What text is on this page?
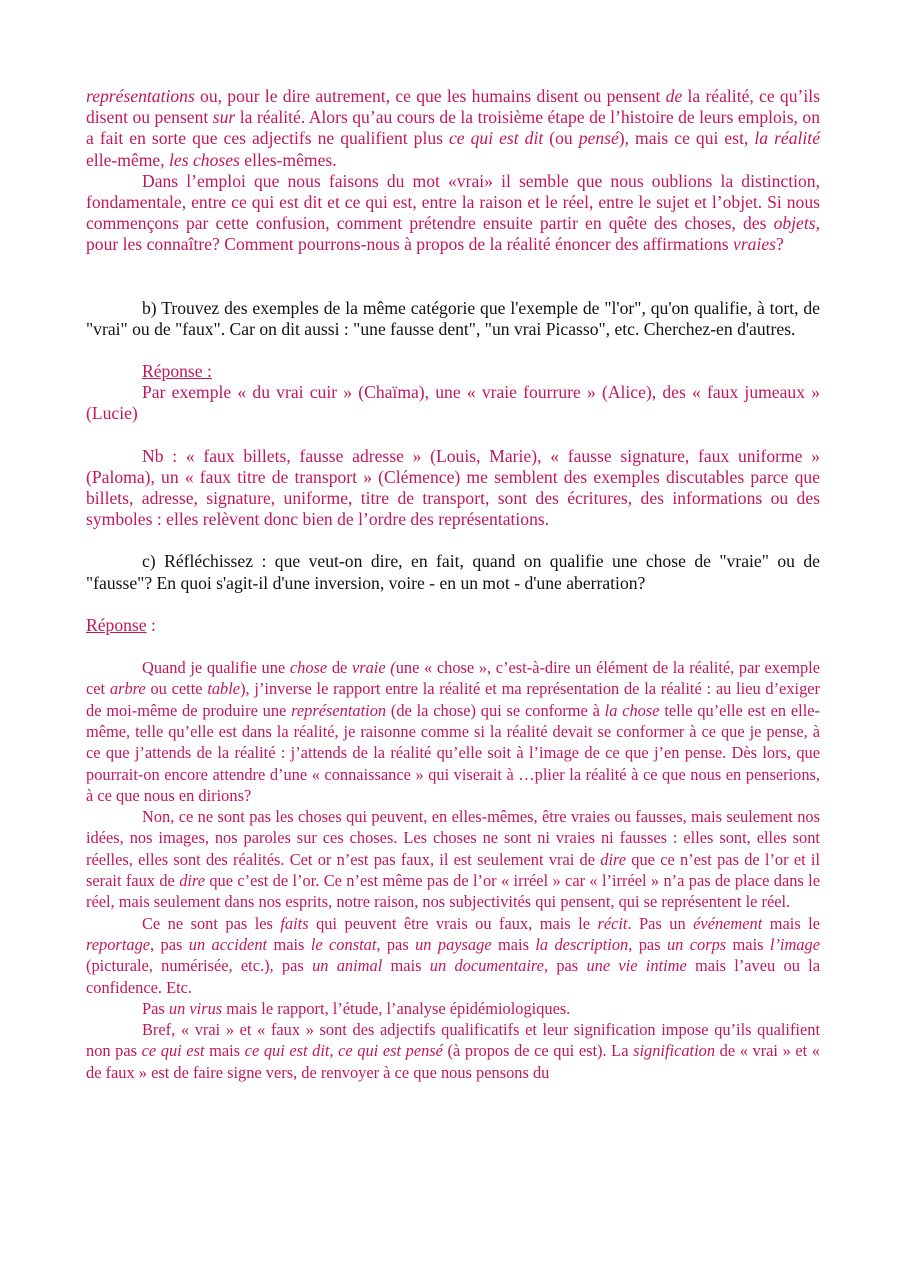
représentations ou, pour le dire autrement, ce que les humains disent ou pensent de la réalité, ce qu’ils disent ou pensent sur la réalité. Alors qu’au cours de la troisième étape de l’histoire de leurs emplois, on a fait en sorte que ces adjectifs ne qualifient plus ce qui est dit (ou pensé), mais ce qui est, la réalité elle-même, les choses elles-mêmes.

Dans l’emploi que nous faisons du mot «vrai» il semble que nous oublions la distinction, fondamentale, entre ce qui est dit et ce qui est, entre la raison et le réel, entre le sujet et l’objet. Si nous commençons par cette confusion, comment prétendre ensuite partir en quête des choses, des objets, pour les connaître? Comment pourrons-nous à propos de la réalité énoncer des affirmations vraies?

b) Trouvez des exemples de la même catégorie que l'exemple de "l'or", qu'on qualifie, à tort, de "vrai" ou de "faux". Car on dit aussi : "une fausse dent", "un vrai Picasso", etc. Cherchez-en d'autres.

Réponse :

Par exemple « du vrai cuir » (Chaïma), une « vraie fourrure » (Alice), des « faux jumeaux » (Lucie)

Nb : « faux billets, fausse adresse » (Louis, Marie), « fausse signature, faux uniforme » (Paloma), un « faux titre de transport » (Clémence) me semblent des exemples discutables parce que billets, adresse, signature, uniforme, titre de transport, sont des écritures, des informations ou des symboles : elles relèvent donc bien de l’ordre des représentations.

c) Réfléchissez : que veut-on dire, en fait, quand on qualifie une chose de "vraie" ou de "fausse"? En quoi s'agit-il d'une inversion, voire - en un mot - d'une aberration?

Réponse :

Quand je qualifie une chose de vraie (une « chose », c’est-à-dire un élément de la réalité, par exemple cet arbre ou cette table), j’inverse le rapport entre la réalité et ma représentation de la réalité : au lieu d’exiger de moi-même de produire une représentation (de la chose) qui se conforme à la chose telle qu’elle est en elle-même, telle qu’elle est dans la réalité, je raisonne comme si la réalité devait se conformer à ce que je pense, à ce que j’attends de la réalité : j’attends de la réalité qu’elle soit à l’image de ce que j’en pense. Dès lors, que pourrait-on encore attendre d’une « connaissance » qui viserait à …plier la réalité à ce que nous en penserions, à ce que nous en dirions?

Non, ce ne sont pas les choses qui peuvent, en elles-mêmes, être vraies ou fausses, mais seulement nos idées, nos images, nos paroles sur ces choses. Les choses ne sont ni vraies ni fausses : elles sont, elles sont réelles, elles sont des réalités. Cet or n’est pas faux, il est seulement vrai de dire que ce n’est pas de l’or et il serait faux de dire que c’est de l’or. Ce n’est même pas de l’or « irréel » car « l’irréel » n’a pas de place dans le réel, mais seulement dans nos esprits, notre raison, nos subjectivités qui pensent, qui se représentent le réel.

Ce ne sont pas les faits qui peuvent être vrais ou faux, mais le récit. Pas un événement mais le reportage, pas un accident mais le constat, pas un paysage mais la description, pas un corps mais l’image (picturale, numérisée, etc.), pas un animal mais un documentaire, pas une vie intime mais l’aveu ou la confidence. Etc.

Pas un virus mais le rapport, l’étude, l’analyse épidémiologiques.

Bref, « vrai » et « faux » sont des adjectifs qualificatifs et leur signification impose qu’ils qualifient non pas ce qui est mais ce qui est dit, ce qui est pensé (à propos de ce qui est). La signification de « vrai » et « de faux » est de faire signe vers, de renvoyer à ce que nous pensons du
